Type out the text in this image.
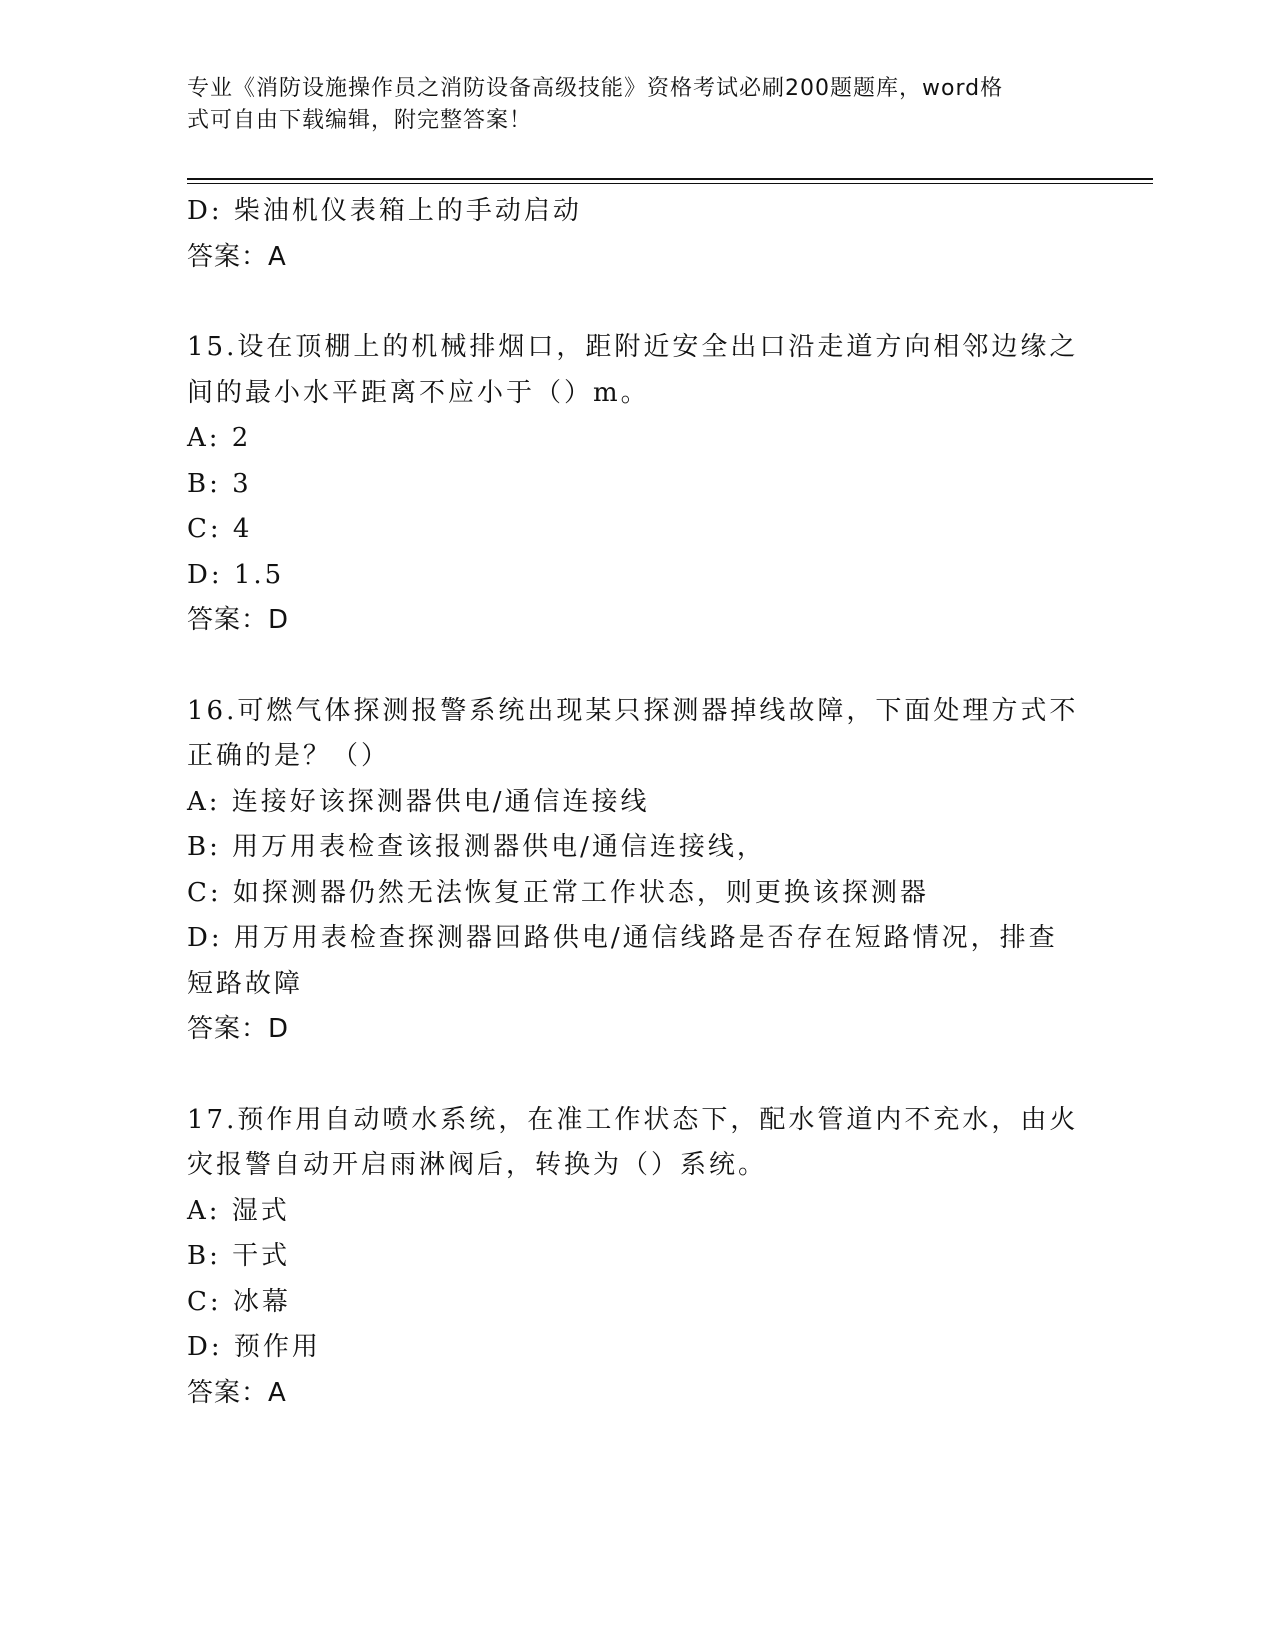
专业《消防设施操作员之消防设备高级技能》资格考试必刷200题题库，word格
式可自由下载编辑，附完整答案！
D: 柴油机仪表箱上的手动启动
答案：A
15.设在顶棚上的机械排烟口，距附近安全出口沿走道方向相邻边缘之
间的最小水平距离不应小于（）m。
A: 2
B: 3
C: 4
D: 1.5
答案：D
16.可燃气体探测报警系统出现某只探测器掉线故障，下面处理方式不
正确的是？（）
A: 连接好该探测器供电/通信连接线
B: 用万用表检查该报测器供电/通信连接线，
C: 如探测器仍然无法恢复正常工作状态，则更换该探测器
D: 用万用表检查探测器回路供电/通信线路是否存在短路情况，排查
短路故障
答案：D
17.预作用自动喷水系统，在准工作状态下，配水管道内不充水，由火
灾报警自动开启雨淋阀后，转换为（）系统。
A: 湿式
B: 干式
C: 冰幕
D: 预作用
答案：A
